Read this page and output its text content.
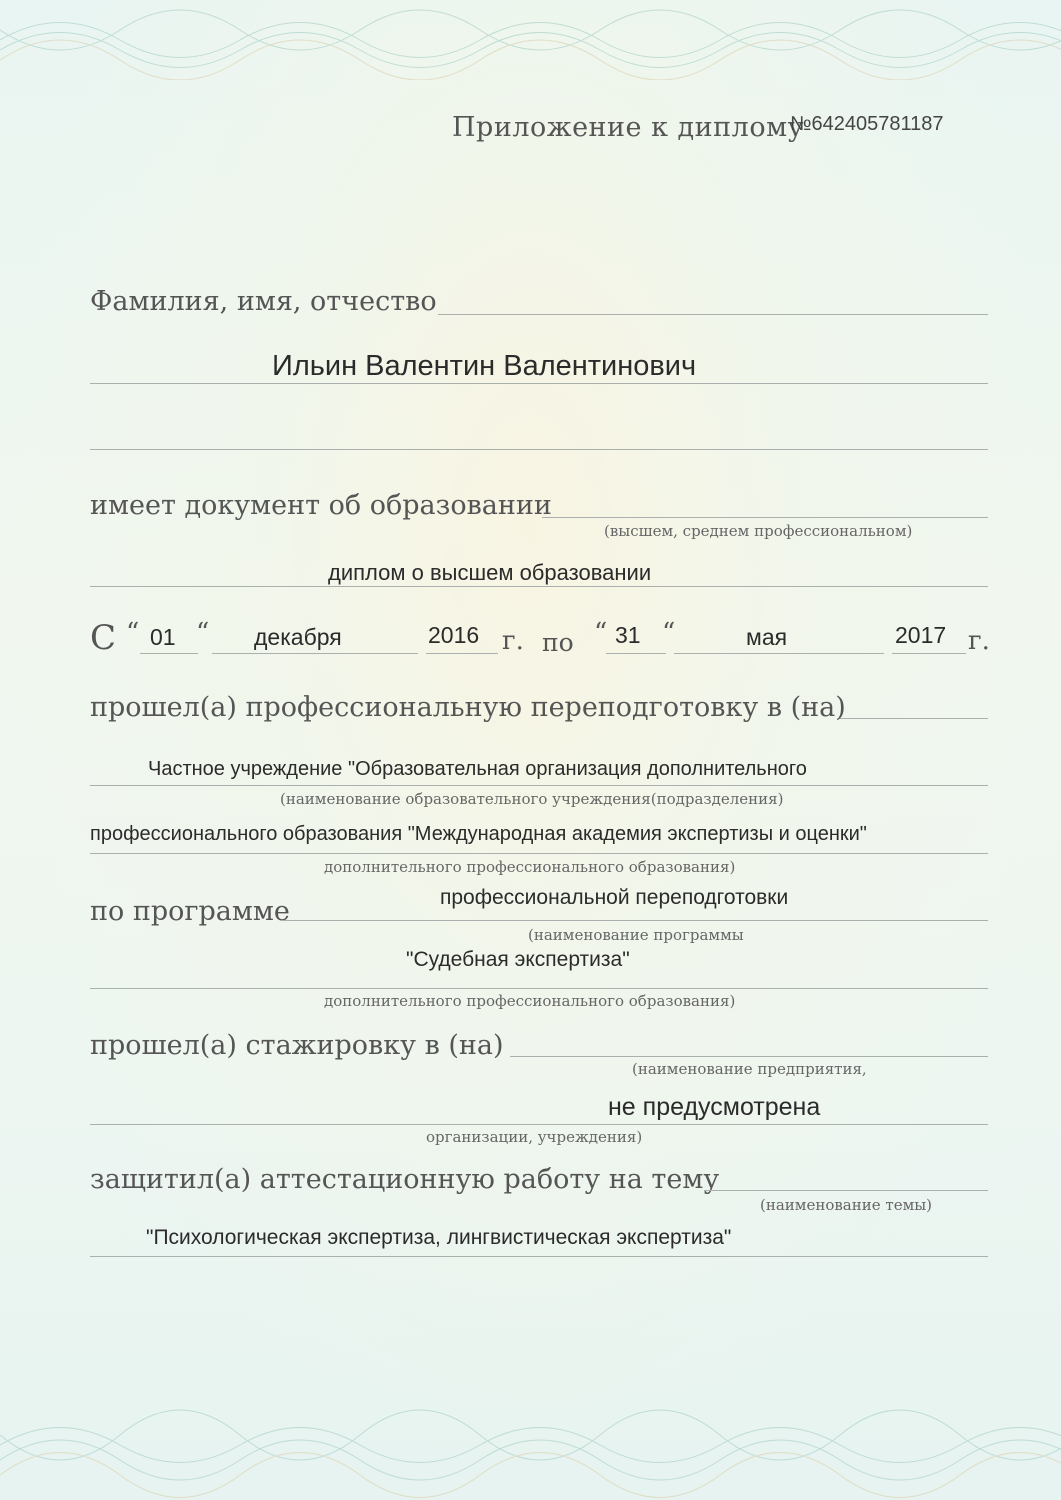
Приложение к диплому
№642405781187
Фамилия, имя, отчество
Ильин Валентин Валентинович
имеет документ об образовании
(высшем, среднем профессиональном)
диплом о высшем образовании
С “ 01 “ декабря	2016 г. по “ 31 “	мая	2017 г.
прошел(а) профессиональную переподготовку в (на)
Частное учреждение "Образовательная организация дополнительного
(наименование образовательного учреждения(подразделения)
профессионального образования "Международная академия экспертизы и оценки"
дополнительного профессионального образования)
по программе	профессиональной переподготовки
(наименование программы
"Судебная экспертиза"
дополнительного профессионального образования)
прошел(а) стажировку в (на)
(наименование предприятия,
не предусмотрена
организации, учреждения)
защитил(а) аттестационную работу на тему
(наименование темы)
"Психологическая экспертиза, лингвистическая экспертиза"
